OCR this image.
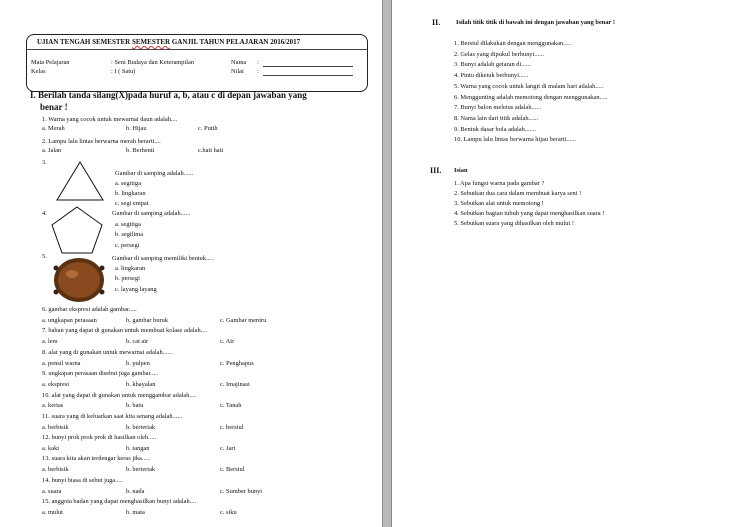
UJIAN TENGAH SEMESTER SEMESTER GANJIL TAHUN PELAJARAN 2016/2017
Mata Pelajaran	: Seni Budaya dan Keterampilan
Kelas	: I ( Satu)
Nama :
Nilai :
I. Berilah tanda silang(X)pada huruf a, b, atau c di depan jawaban yang
benar !
1. Warna yang cocok untuk mewarnai daun adalah....
a. Merah	b. Hijau	c. Putih
2. Lampu lalu lintas berwarna merah berarti....
a. Jalan	b. Berhenti	c.hati hati
3.
Gambar di samping adalah......
a. segitiga
b. lingkaran
c. segi empat
4.	Gambar di samping adalah......
a. segitiga
b. segilima
c. persegi
5.	Gambar di samping memiliki bentuk.....
a. lingkaran
b. persegi
c. layang layang
6. gambar ekspresi adalah gambar.....
a. ungkapan perasaan	b. gambar buruk	c. Gambar meniru
7. bahan yang dapat di gunakan untuk membuat kolase adalah....
a. lem	b. cat air	c. Air
8. alat yang di gunakan untuk mewarnai adalah......
a. pensil warna	b. pulpen	c. Penghapus
9. ungkapan perasaan disebut juga gambar.....
a. ekspresi	b. khayalan	c. Imajinasi
10. alat yang dapat di gunakan untuk menggambar adalah....
a. kertas	b. batu	c. Tanah
11. suara yang di keluarkan saat kita senang adalah......
a. berbisik	b. berteriak	c. bersiul
12. bunyi prok prok prok di hasilkan oleh.....
a. kaki	b. tangan	c. Jari
13. suara kita akan terdengar keras jika.....
a. berbisik	b. berteriak	c. Bersiul
14. bunyi biasa di sebut juga.....
a. suara	b. nada	c. Sumber bunyi
15. anggota badan yang dapat menghasilkan bunyi adalah....
a. mulut	b. mata	c. siku
II. Isilah titik titik di bawah ini dengan jawaban yang benar !
1. Bersiul dilakukan dengan menggunakan.....
2. Gelas yang dipukul berbunyi......
3. Bunyi adalah getaran di......
4. Pintu diketuk berbunyi......
5. Warna yang cocok untuk langit di malam hari adalah.....
6. Menggunting adalah memotong dengan menggunakan.....
7. Bunyi balon meletus adalah......
8. Nama lain dari titik adalah......
9. Bentuk dasar bola adalah.......
10. Lampu lalu lintas berwarna hijau berarti......
III. Isian
1. Apa fungsi warna pada gambar ?
2. Sebutkan dua cara dalam membuat karya seni !
3. Sebutkan alat untuk memotong !
4. Sebutkan bagian tubuh yang dapat menghasilkan suara !
5. Sebutkan suara yang dihasilkan oleh mulut !
